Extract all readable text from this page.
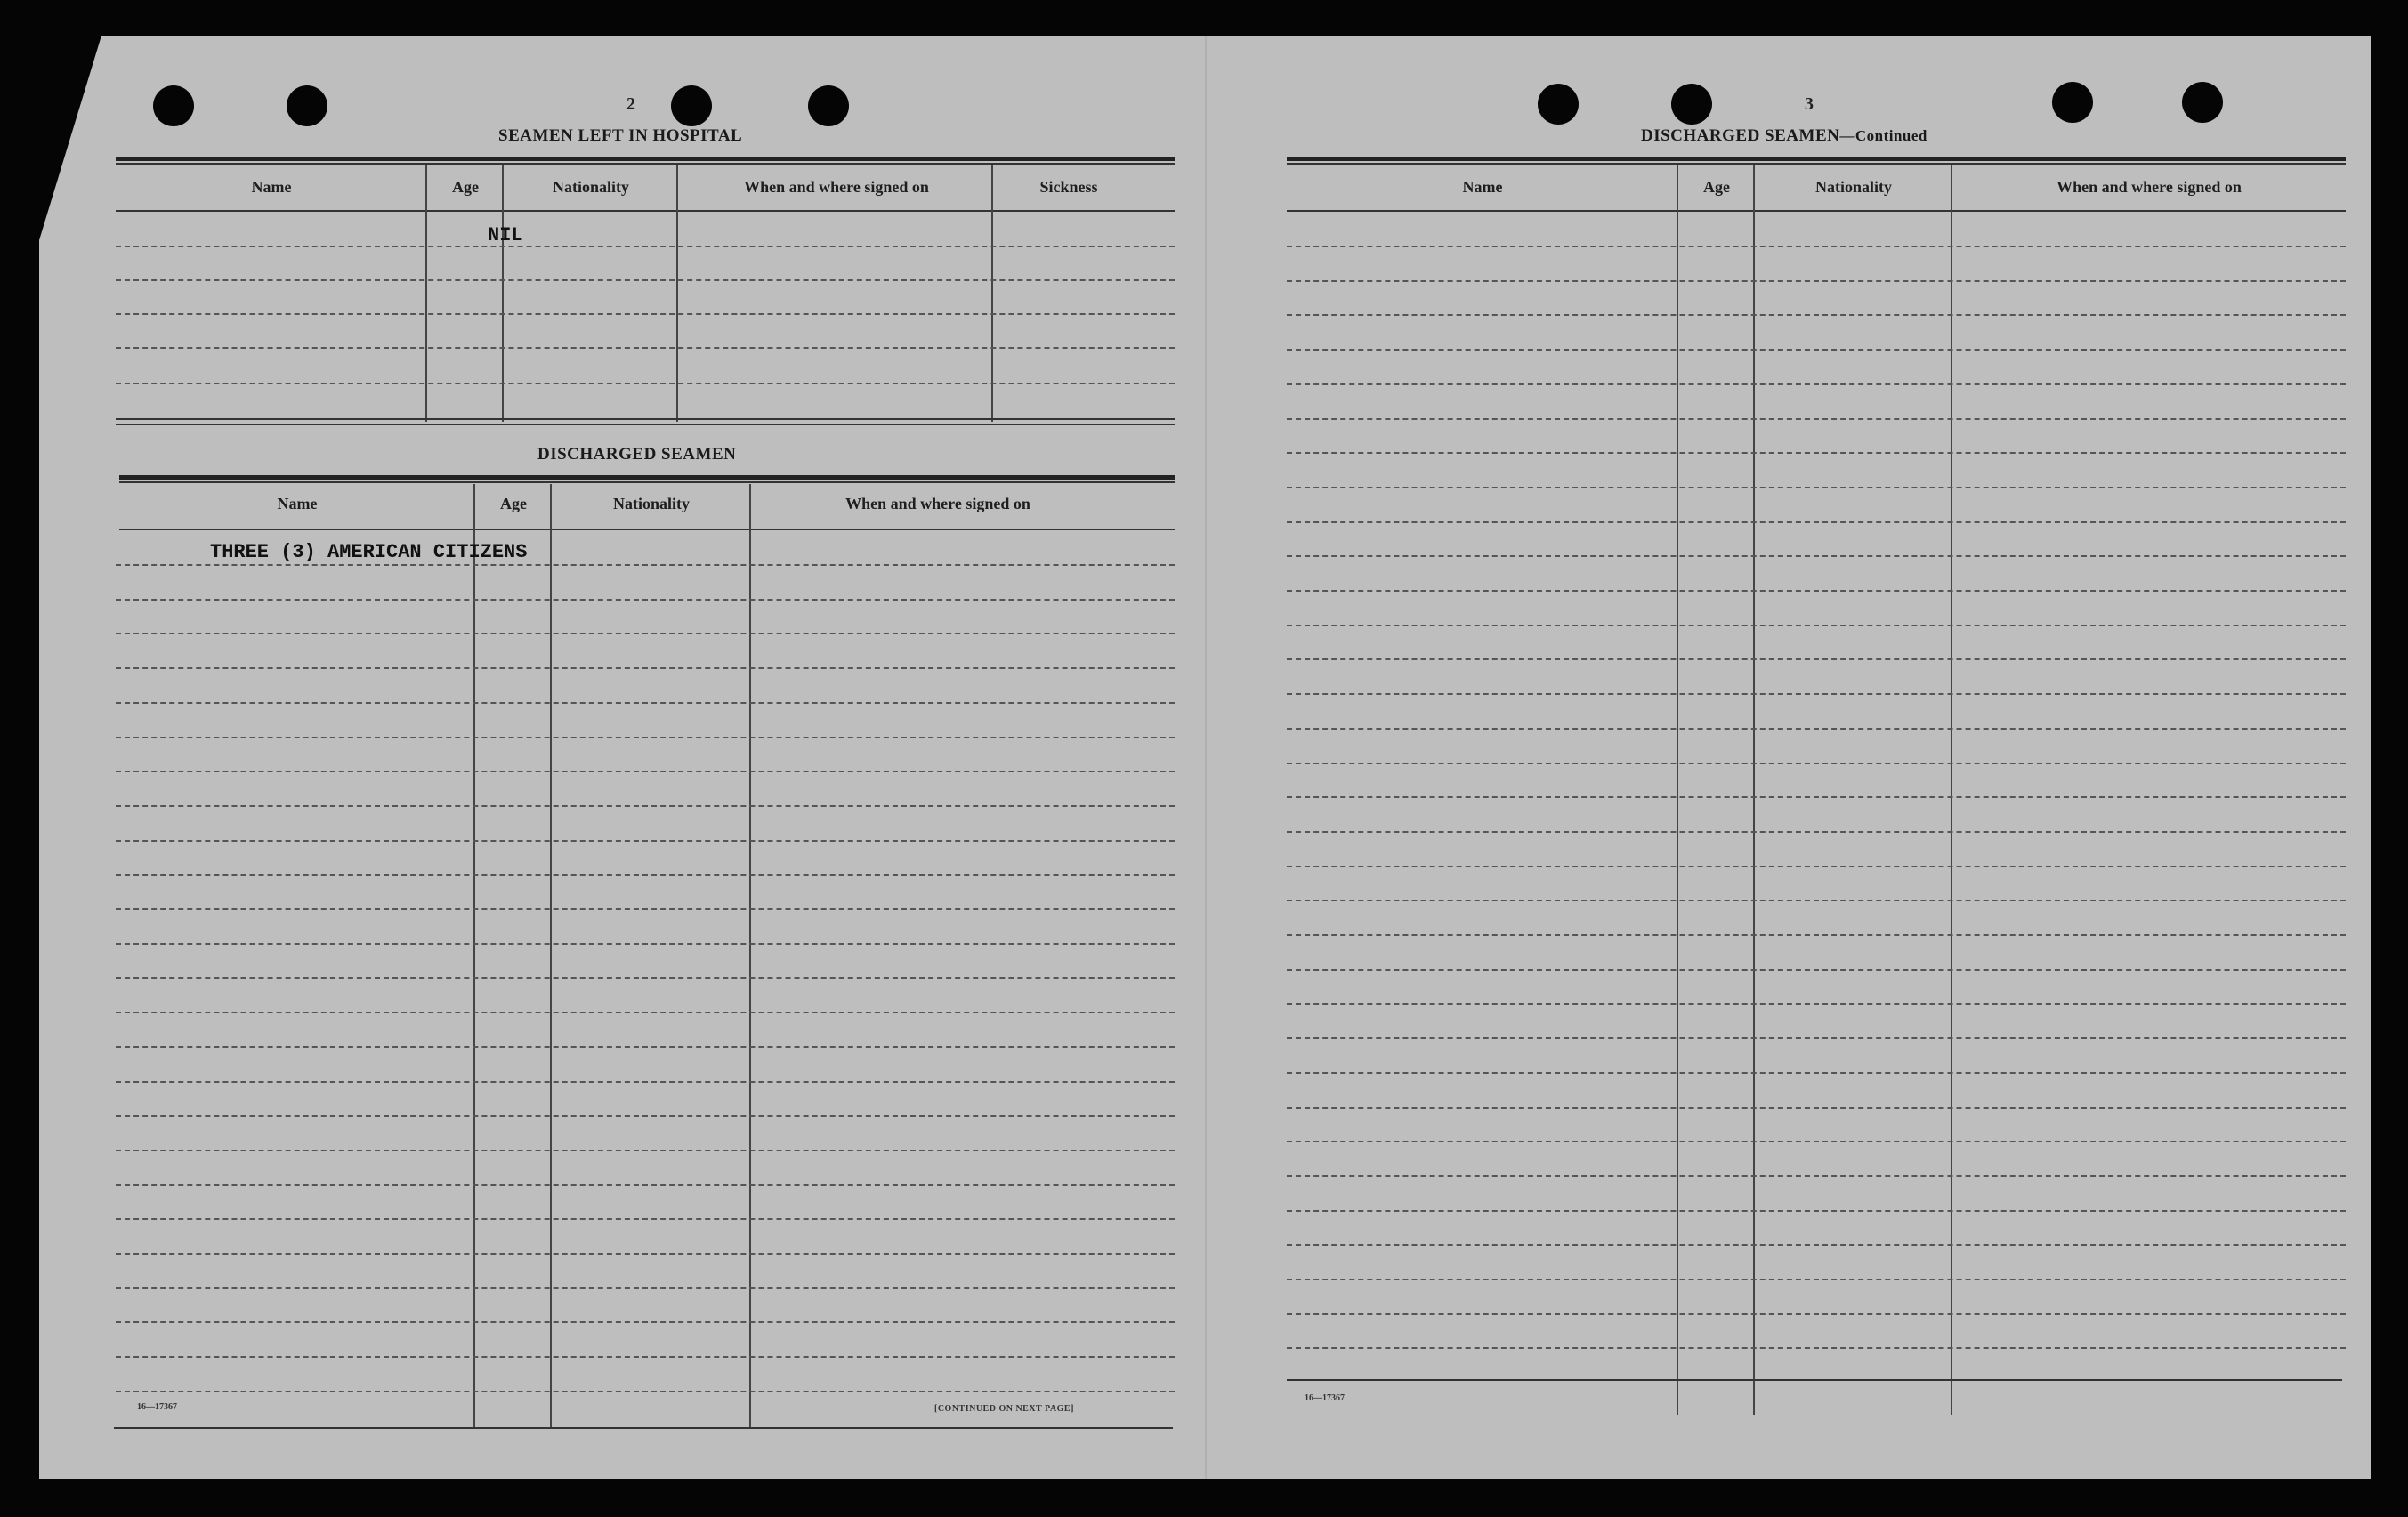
2
SEAMEN LEFT IN HOSPITAL
Name	Age	Nationality	When and where signed on	Sickness
NIL
DISCHARGED SEAMEN
Name	Age	Nationality	When and where signed on
THREE (3) AMERICAN CITIZENS
16—17367	[CONTINUED ON NEXT PAGE]
3
DISCHARGED SEAMEN—Continued
Name	Age	Nationality	When and where signed on
16—17367
